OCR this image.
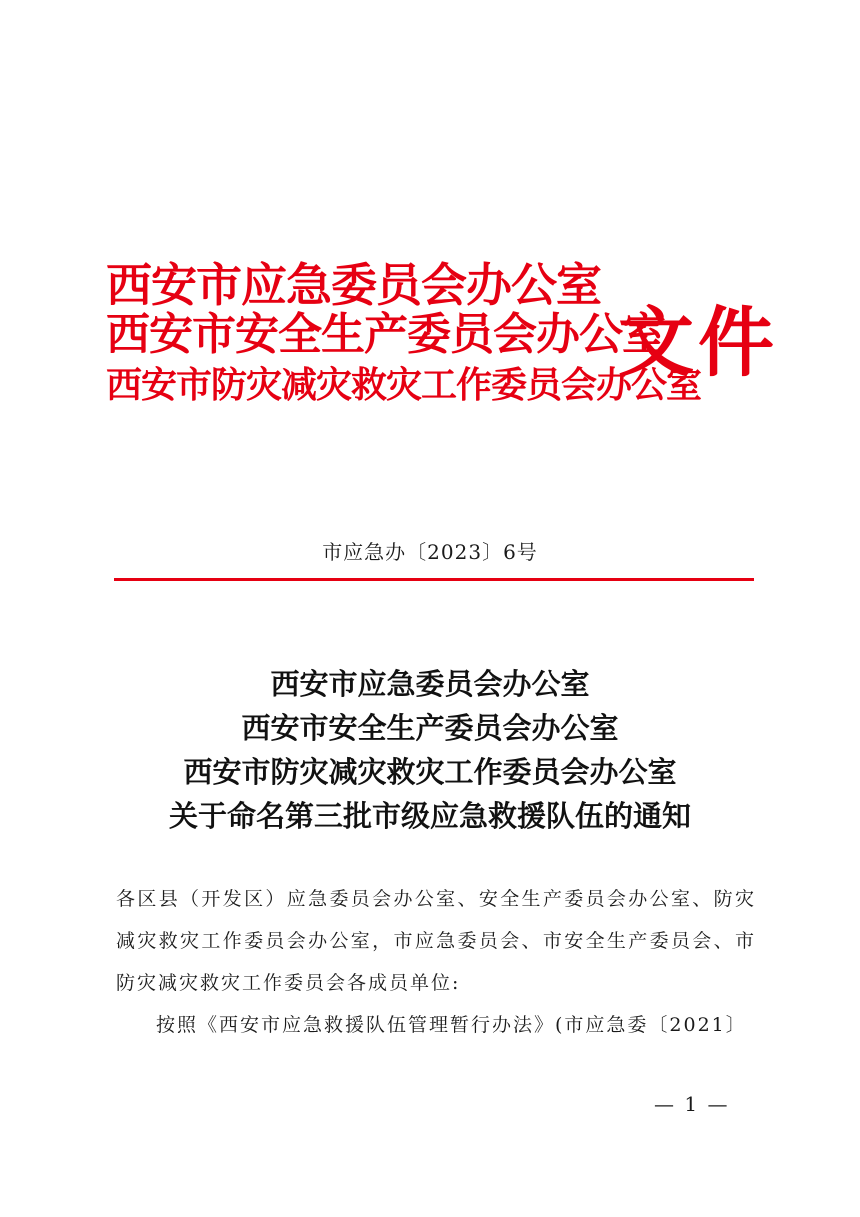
西安市应急委员会办公室
西安市安全生产委员会办公室
西安市防灾减灾救灾工作委员会办公室
文件
市应急办〔2023〕6号
西安市应急委员会办公室
西安市安全生产委员会办公室
西安市防灾减灾救灾工作委员会办公室
关于命名第三批市级应急救援队伍的通知

各区县（开发区）应急委员会办公室、安全生产委员会办公室、防灾减灾救灾工作委员会办公室，市应急委员会、市安全生产委员会、市防灾减灾救灾工作委员会各成员单位:

按照《西安市应急救援队伍管理暂行办法》(市应急委〔2021〕

— 1 —
